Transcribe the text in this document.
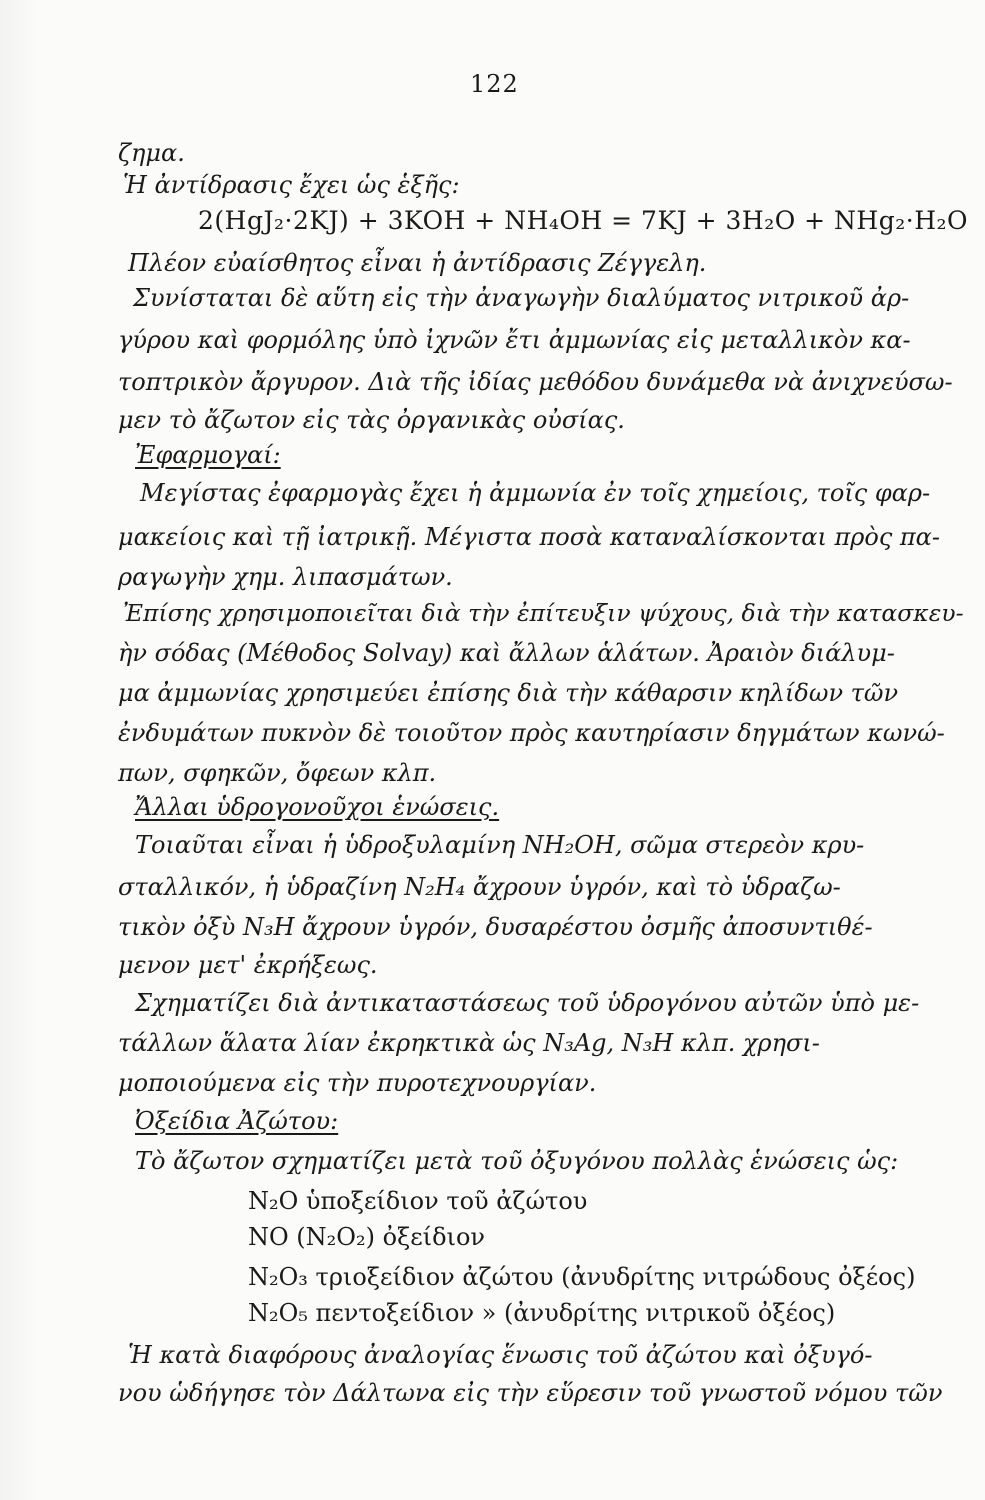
122
ζημα.
Ἡ ἀντίδρασις ἔχει ὡς ἑξῆς:
2(HgJ₂·2KJ) + 3KOH + NH₄OH = 7KJ + 3H₂O + NHg₂·H₂O
Πλέον εὐαίσθητος εἶναι ἡ ἀντίδρασις Ζέγγελη.
Συνίσταται δὲ αὕτη εἰς τὴν ἀναγωγὴν διαλύματος νιτρικοῦ ἀρ-
γύρου καὶ φορμόλης ὑπὸ ἰχνῶν ἔτι ἀμμωνίας εἰς μεταλλικὸν κα-
τοπτρικὸν ἄργυρον. Διὰ τῆς ἰδίας μεθόδου δυνάμεθα νὰ ἀνιχνεύσω-
μεν τὸ ἄζωτον εἰς τὰς ὀργανικὰς οὐσίας.
Ἐφαρμογαί:
Μεγίστας ἐφαρμογὰς ἔχει ἡ ἀμμωνία ἐν τοῖς χημείοις, τοῖς φαρ-
μακείοις καὶ τῇ ἰατρικῇ. Μέγιστα ποσὰ καταναλίσκονται πρὸς πα-
ραγωγὴν χημ. λιπασμάτων.
Ἐπίσης χρησιμοποιεῖται διὰ τὴν ἐπίτευξιν ψύχους, διὰ τὴν κατασκευ-
ὴν σόδας (Μέθοδος Solvay) καὶ ἄλλων ἁλάτων. Ἀραιὸν διάλυμ-
μα ἀμμωνίας χρησιμεύει ἐπίσης διὰ τὴν κάθαρσιν κηλίδων τῶν
ἐνδυμάτων πυκνὸν δὲ τοιοῦτον πρὸς καυτηρίασιν δηγμάτων κωνώ-
πων, σφηκῶν, ὄφεων κλπ.
Ἄλλαι ὑδρογονοῦχοι ἑνώσεις.
Τοιαῦται εἶναι ἡ ὑδροξυλαμίνη NH₂OH, σῶμα στερεὸν κρυ-
σταλλικόν, ἡ ὑδραζίνη N₂H₄ ἄχρουν ὑγρόν, καὶ τὸ ὑδραζω-
τικὸν ὀξὺ N₃H ἄχρουν ὑγρόν, δυσαρέστου ὀσμῆς ἀποσυντιθέ-
μενον μετ' ἐκρήξεως.
Σχηματίζει διὰ ἀντικαταστάσεως τοῦ ὑδρογόνου αὐτῶν ὑπὸ με-
τάλλων ἅλατα λίαν ἐκρηκτικὰ ὡς N₃Ag, N₃H κλπ. χρησι-
μοποιούμενα εἰς τὴν πυροτεχνουργίαν.
Ὀξείδια Ἀζώτου:
Τὸ ἄζωτον σχηματίζει μετὰ τοῦ ὀξυγόνου πολλὰς ἑνώσεις ὡς:
N₂O ὑποξείδιον τοῦ ἀζώτου
NO (N₂O₂) ὀξείδιον
N₂O₃ τριοξείδιον ἀζώτου (ἀνυδρίτης νιτρώδους ὀξέος)
N₂O₅ πεντοξείδιον » (ἀνυδρίτης νιτρικοῦ ὀξέος)
Ἡ κατὰ διαφόρους ἀναλογίας ἕνωσις τοῦ ἀζώτου καὶ ὀξυγό-
νου ὡδήγησε τὸν Δάλτωνα εἰς τὴν εὕρεσιν τοῦ γνωστοῦ νόμου τῶν
